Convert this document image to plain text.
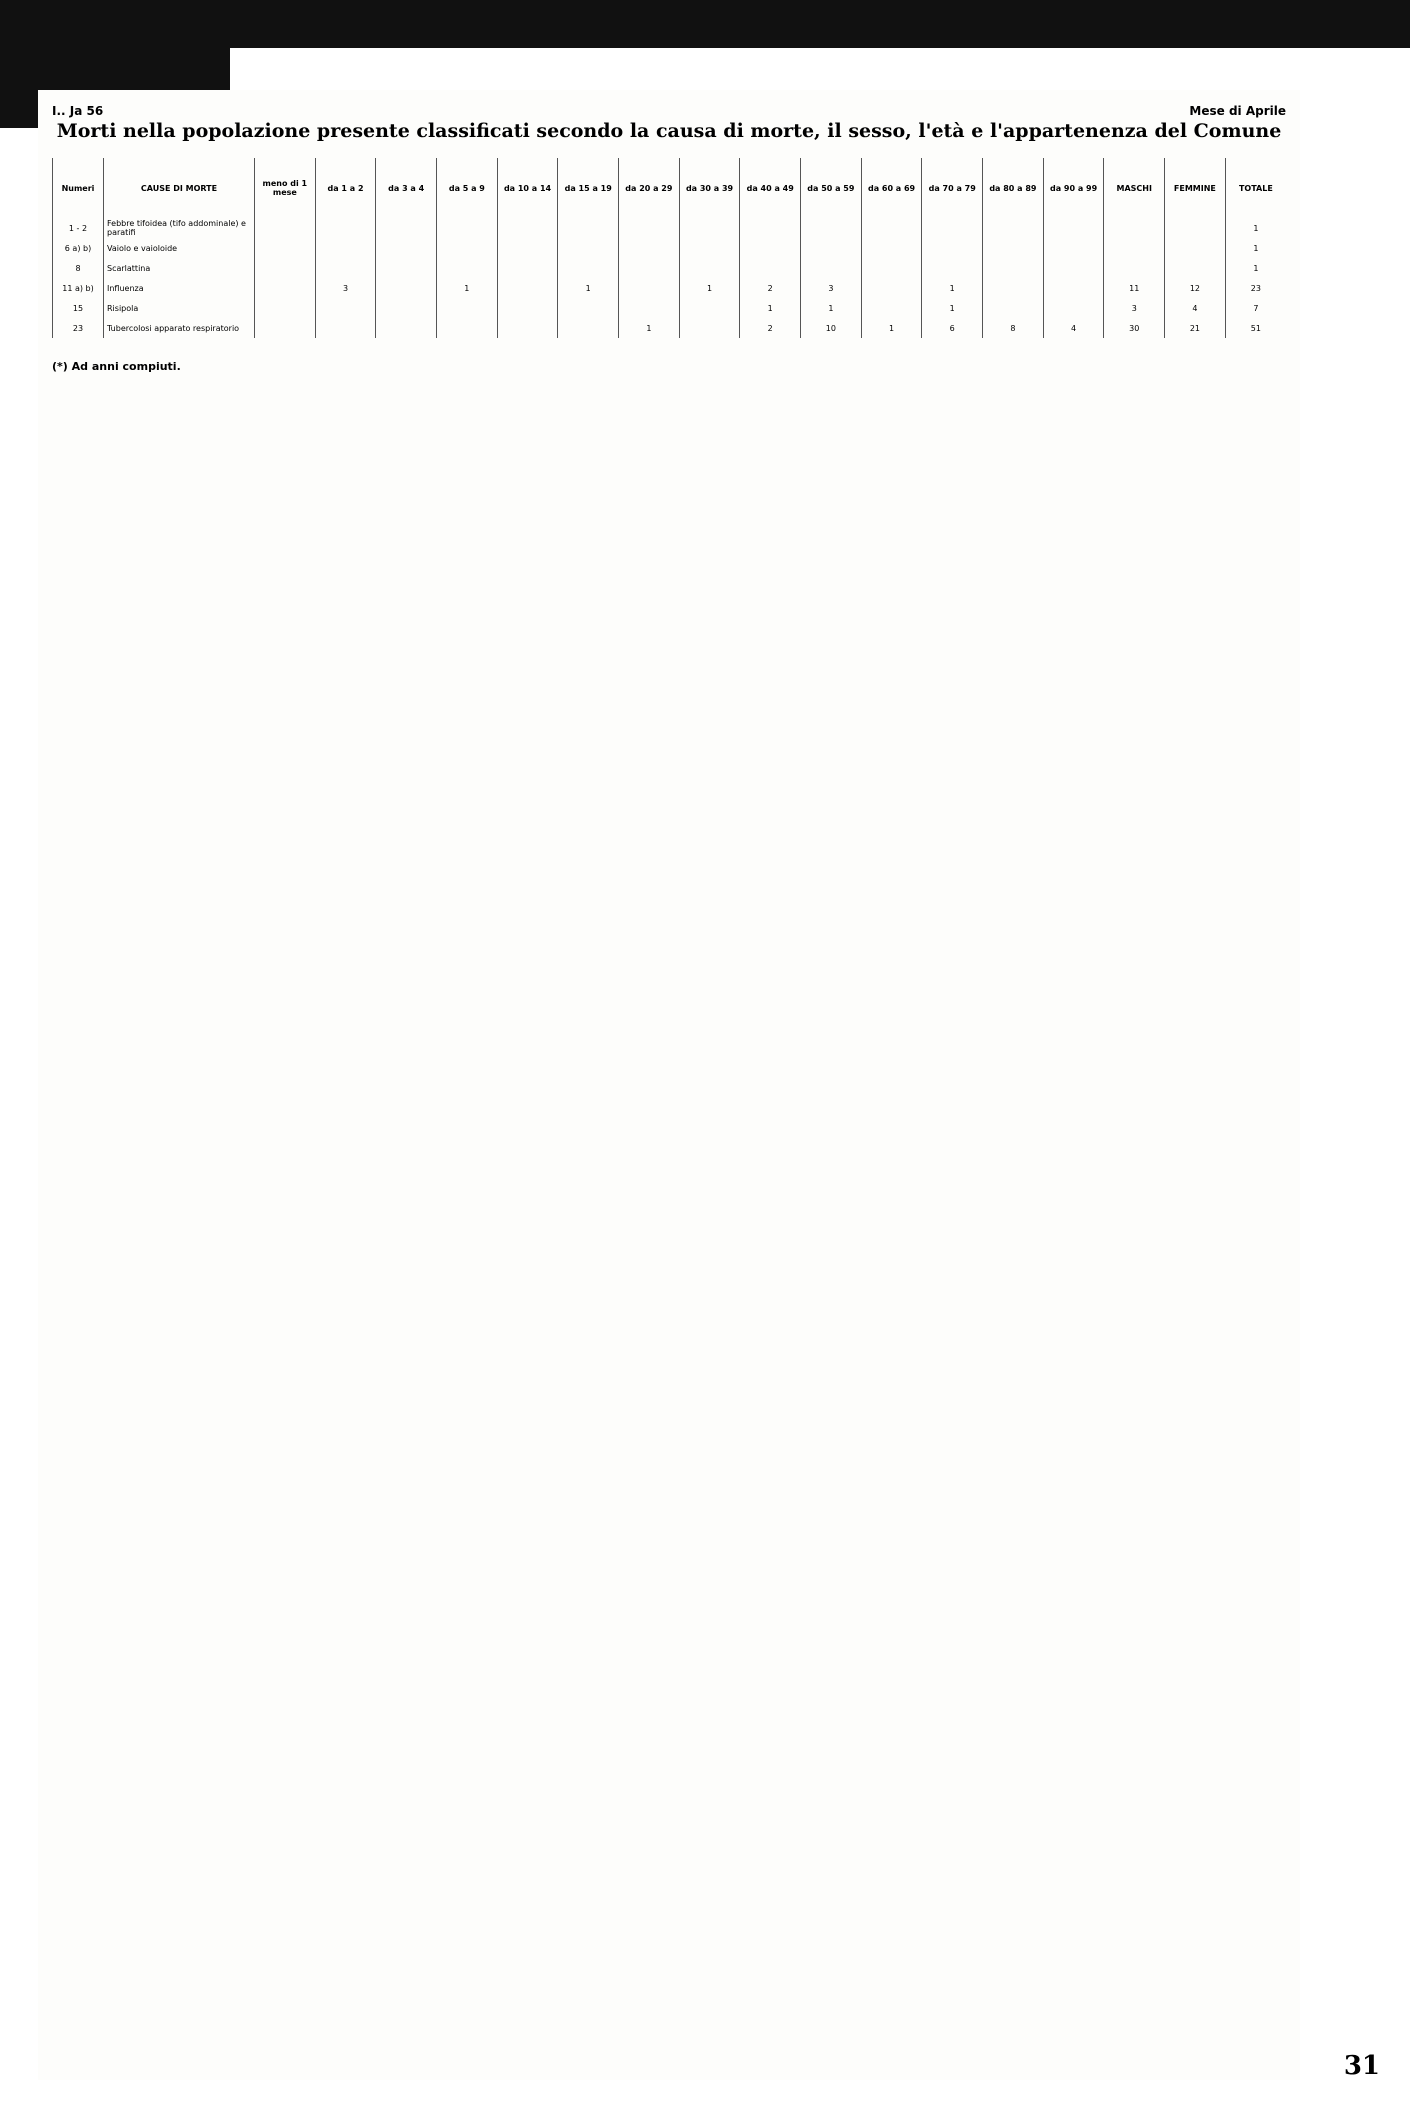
I.. Ja 56	Mese di Aprile
Morti nella popolazione presente classificati secondo la causa di morte, il sesso, l'età e l'appartenenza del Comune
Numeri	CAUSE DI MORTE	meno di 1 mese	da 1 a 2	da 3 a 4	da 5 a 9	da 10 a 14	da 15 a 19	da 20 a 29	da 30 a 39	da 40 a 49	da 50 a 59	da 60 a 69	da 70 a 79	da 80 a 89	da 90 a 99	MASCHI	FEMMINE	TOTALE
1 - 2	Febbre tifoidea (tifo addominale) e paratifi																	1
6 a) b)	Vaiolo e vaioloide																	1
8	Scarlattina																	1
11 a) b)	Influenza		3		1		1		1	2	3		1			11	12	23
15	Risipola									1	1		1			3	4	7
23	Tubercolosi apparato respiratorio							1		2	10	1	6	8	4	30	21	51
(*) Ad anni compiuti.
31
